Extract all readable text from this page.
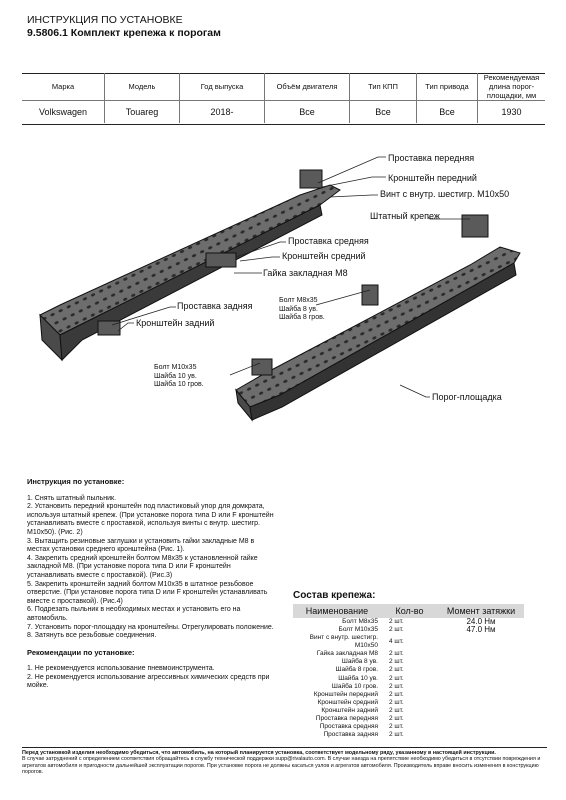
ИНСТРУКЦИЯ ПО УСТАНОВКЕ
9.5806.1 Комплект крепежа к порогам
Марка	Модель	Год выпуска	Объём двигателя	Тип КПП	Тип привода	Рекомендуемая длина порог-площадки, мм
Volkswagen	Touareg	2018-	Все	Все	Все	1930
Проставка передняя
Кронштейн передний
Винт с внутр. шестигр. М10х50
Штатный крепеж
Проставка средняя
Кронштейн средний
Гайка закладная М8
Проставка задняя
Кронштейн задний
Болт М8х35
Шайба 8 ув.
Шайба 8 гров.
Болт М10х35
Шайба 10 ув.
Шайба 10 гров.
Порог-площадка

Инструкция по установке:

1. Снять штатный пыльник.

2. Установить передний кронштейн под пластиковый упор для домкрата, используя штатный крепеж. (При установке порога типа D или F кронштейн устанавливать вместе с проставкой, используя винты с внутр. шестигр. М10х50). (Рис. 2)

3. Вытащить резиновые заглушки и установить гайки закладные М8 в местах установки среднего кронштейна (Рис. 1).

4. Закрепить средний кронштейн болтом М8х35 к установленной гайке закладной М8. (При установке порога типа D или F кронштейн устанавливать вместе с проставкой). (Рис.3)

5. Закрепить кронштейн задний болтом М10х35 в штатное резьбовое отверстие. (При установке порога типа D или F кронштейн устанавливать вместе с проставкой). (Рис.4)

6. Подрезать пыльник в необходимых местах и установить его на автомобиль.

7. Установить порог-площадку на кронштейны. Отрегулировать положение.

8. Затянуть все резьбовые соединения.

Рекомендации по установке:

1. Не рекомендуется использование пневмоинструмента.

2. Не рекомендуется использование агрессивных химических средств при мойке.

Состав крепежа:
Наименование	Кол-во	Момент затяжки
Болт М8х35	2 шт.	24.0 Нм
Болт М10х35	2 шт.	47.0 Нм
Винт с внутр. шестигр. М10х50	4 шт.	
Гайка закладная М8	2 шт.	
Шайба 8 ув.	2 шт.	
Шайба 8 гров.	2 шт.	
Шайба 10 ув.	2 шт.	
Шайба 10 гров.	2 шт.	
Кронштейн передний	2 шт.	
Кронштейн средний	2 шт.	
Кронштейн задний	2 шт.	
Проставка передняя	2 шт.	
Проставка средняя	2 шт.	
Проставка задняя	2 шт.	

Перед установкой изделия необходимо убедиться, что автомобиль, на который планируется установка, соответствует модельному ряду, указанному в настоящей инструкции.

В случае затруднений с определением соответствия обращайтесь в службу технической поддержки supp@rivalauto.com. В случае наезда на препятствие необходимо убедиться в отсутствии повреждения и агрегатов автомобиля и пригодности дальнейшей эксплуатации порогов. При установке порога не должны касаться узлов и агрегатов автомобиля. Производитель вправе вносить изменения в конструкцию порогов.
